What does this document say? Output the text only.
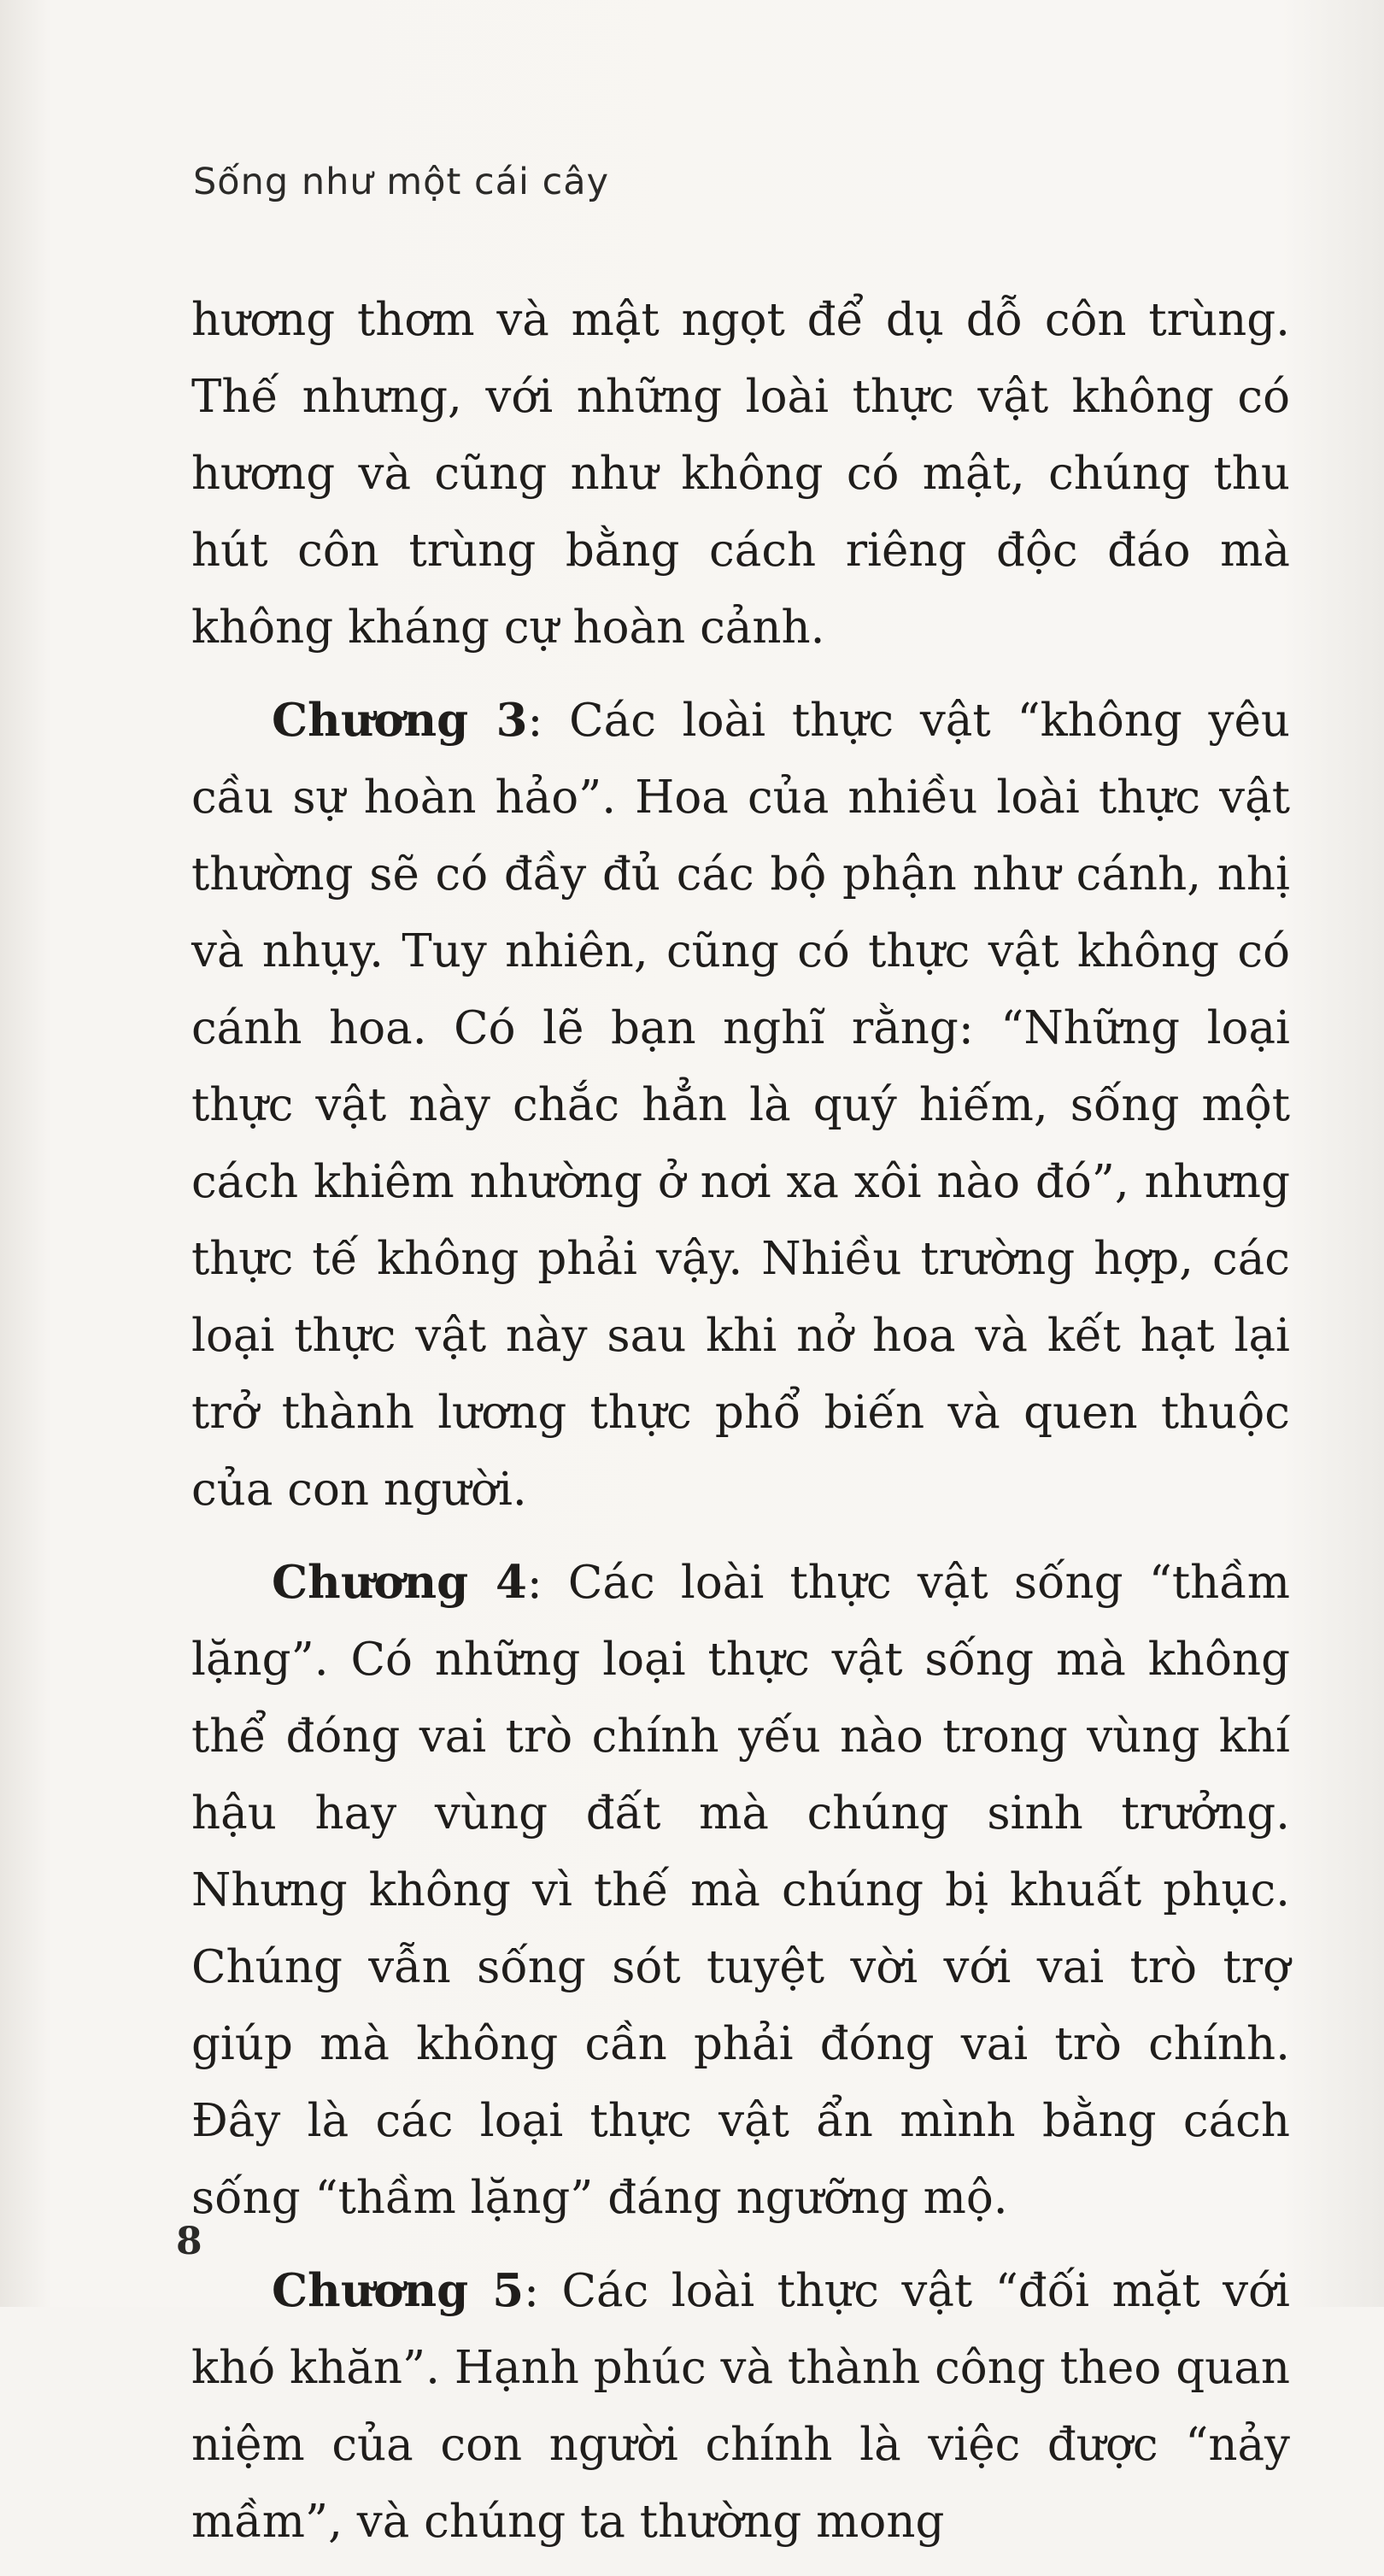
Sống như một cái cây

hương thơm và mật ngọt để dụ dỗ côn trùng. Thế nhưng, với những loài thực vật không có hương và cũng như không có mật, chúng thu hút côn trùng bằng cách riêng độc đáo mà không kháng cự hoàn cảnh.

Chương 3: Các loài thực vật “không yêu cầu sự hoàn hảo”. Hoa của nhiều loài thực vật thường sẽ có đầy đủ các bộ phận như cánh, nhị và nhụy. Tuy nhiên, cũng có thực vật không có cánh hoa. Có lẽ bạn nghĩ rằng: “Những loại thực vật này chắc hẳn là quý hiếm, sống một cách khiêm nhường ở nơi xa xôi nào đó”, nhưng thực tế không phải vậy. Nhiều trường hợp, các loại thực vật này sau khi nở hoa và kết hạt lại trở thành lương thực phổ biến và quen thuộc của con người.

Chương 4: Các loài thực vật sống “thầm lặng”. Có những loại thực vật sống mà không thể đóng vai trò chính yếu nào trong vùng khí hậu hay vùng đất mà chúng sinh trưởng. Nhưng không vì thế mà chúng bị khuất phục. Chúng vẫn sống sót tuyệt vời với vai trò trợ giúp mà không cần phải đóng vai trò chính. Đây là các loại thực vật ẩn mình bằng cách sống “thầm lặng” đáng ngưỡng mộ.

Chương 5: Các loài thực vật “đối mặt với khó khăn”. Hạnh phúc và thành công theo quan niệm của con người chính là việc được “nảy mầm”, và chúng ta thường mong

8
